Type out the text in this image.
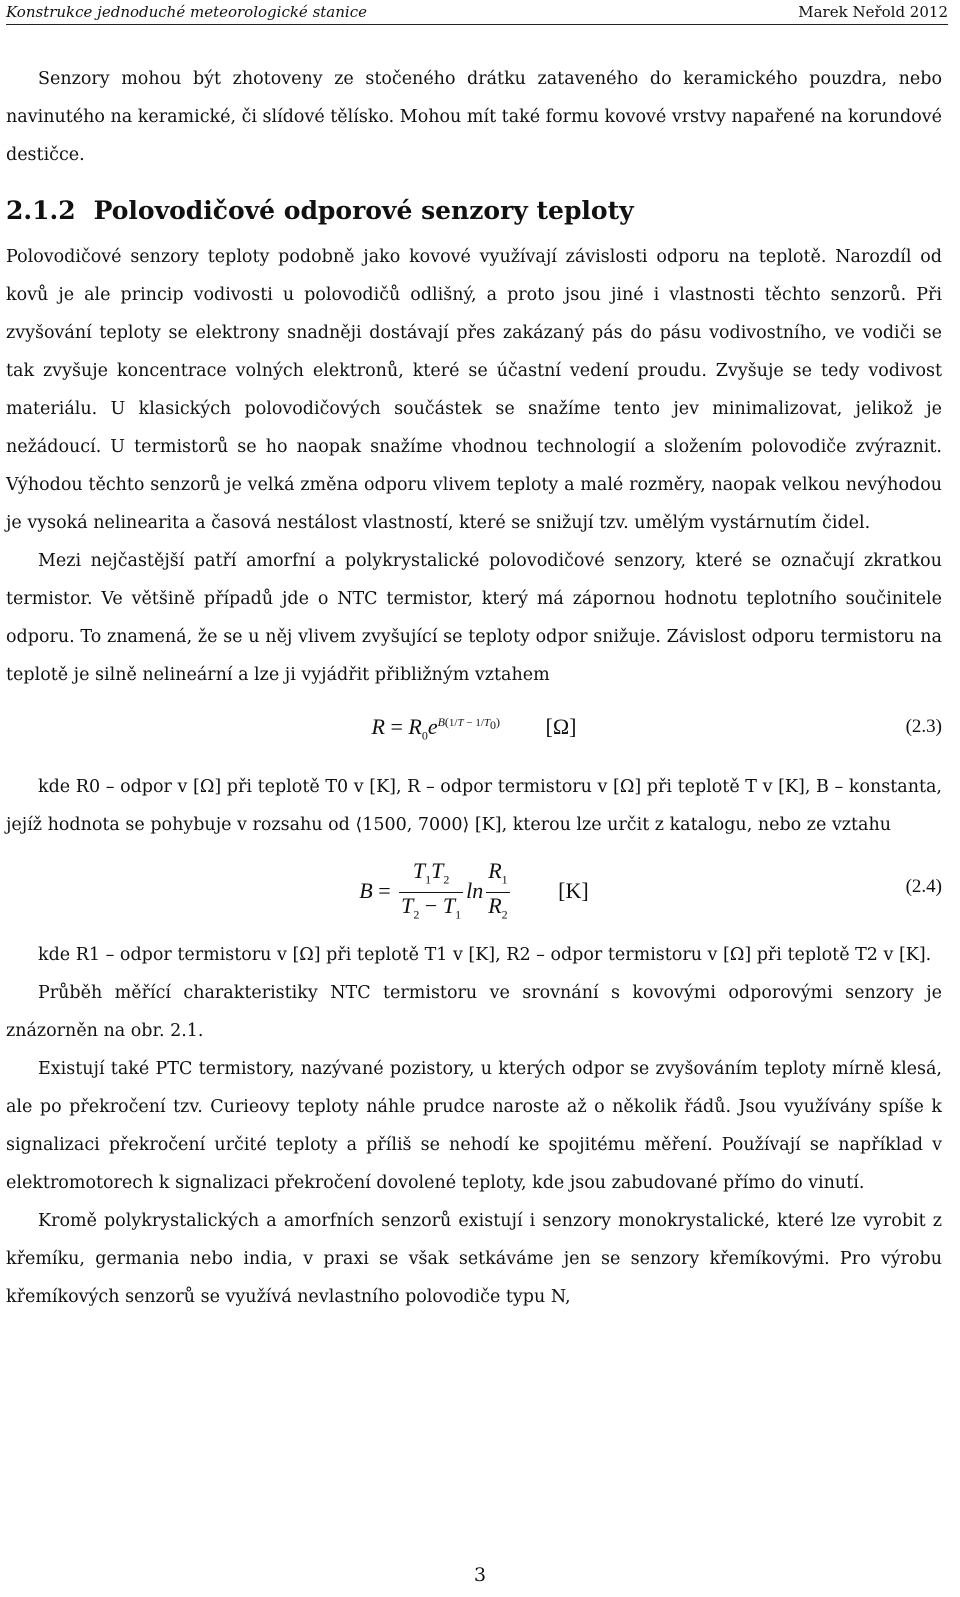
Konstrukce jednoduché meteorologické stanice	Marek Neřold 2012

Senzory mohou být zhotoveny ze stočeného drátku zataveného do keramického pouzdra, nebo navinutého na keramické, či slídové tělísko. Mohou mít také formu kovové vrstvy napařené na korundové destičce.

2.1.2 Polovodičové odporové senzory teploty

Polovodičové senzory teploty podobně jako kovové využívají závislosti odporu na teplotě. Narozdíl od kovů je ale princip vodivosti u polovodičů odlišný, a proto jsou jiné i vlastnosti těchto senzorů. Při zvyšování teploty se elektrony snadněji dostávají přes zakázaný pás do pásu vodivostního, ve vodiči se tak zvyšuje koncentrace volných elektronů, které se účastní vedení proudu. Zvyšuje se tedy vodivost materiálu. U klasických polovodičových součástek se snažíme tento jev minimalizovat, jelikož je nežádoucí. U termistorů se ho naopak snažíme vhodnou technologií a složením polovodiče zvýraznit. Výhodou těchto senzorů je velká změna odporu vlivem teploty a malé rozměry, naopak velkou nevýhodou je vysoká nelinearita a časová nestálost vlastností, které se snižují tzv. umělým vystárnutím čidel.

Mezi nejčastější patří amorfní a polykrystalické polovodičové senzory, které se označují zkratkou termistor. Ve většině případů jde o NTC termistor, který má zápornou hodnotu teplotního součinitele odporu. To znamená, že se u něj vlivem zvyšující se teploty odpor snižuje. Závislost odporu termistoru na teplotě je silně nelineární a lze ji vyjádřit přibližným vztahem

$R = R_0e^{B(1/T - 1/T_0)}$ [Ω]	(2.3)

kde R0 – odpor v [Ω] při teplotě T0 v [K], R – odpor termistoru v [Ω] při teplotě T v [K], B – konstanta, jejíž hodnota se pohybuje v rozsahu od ⟨1500, 7000⟩ [K], kterou lze určit z katalogu, nebo ze vztahu

$B = \frac{T_1T_2}{T_2 - T_1}$ $\ln \frac{R_1}{R_2} [K]$	(2.4)

kde R1 – odpor termistoru v [Ω] při teplotě T1 v [K], R2 – odpor termistoru v [Ω] při teplotě T2 v [K].

Průběh měřící charakteristiky NTC termistoru ve srovnání s kovovými odporovými senzory je znázorněn na obr. 2.1.

Existují také PTC termistory, nazývané pozistory, u kterých odpor se zvyšováním teploty mírně klesá, ale po překročení tzv. Curieovy teploty náhle prudce naroste až o několik řádů. Jsou využívány spíše k signalizaci překročení určité teploty a příliš se nehodí ke spojitému měření. Používají se například v elektromotorech k signalizaci překročení dovolené teploty, kde jsou zabudované přímo do vinutí.

Kromě polykrystalických a amorfních senzorů existují i senzory monokrystalické, které lze vyrobit z křemíku, germania nebo india, v praxi se však setkáváme jen se senzory křemíkovými. Pro výrobu křemíkových senzorů se využívá nevlastního polovodiče typu N,

3
